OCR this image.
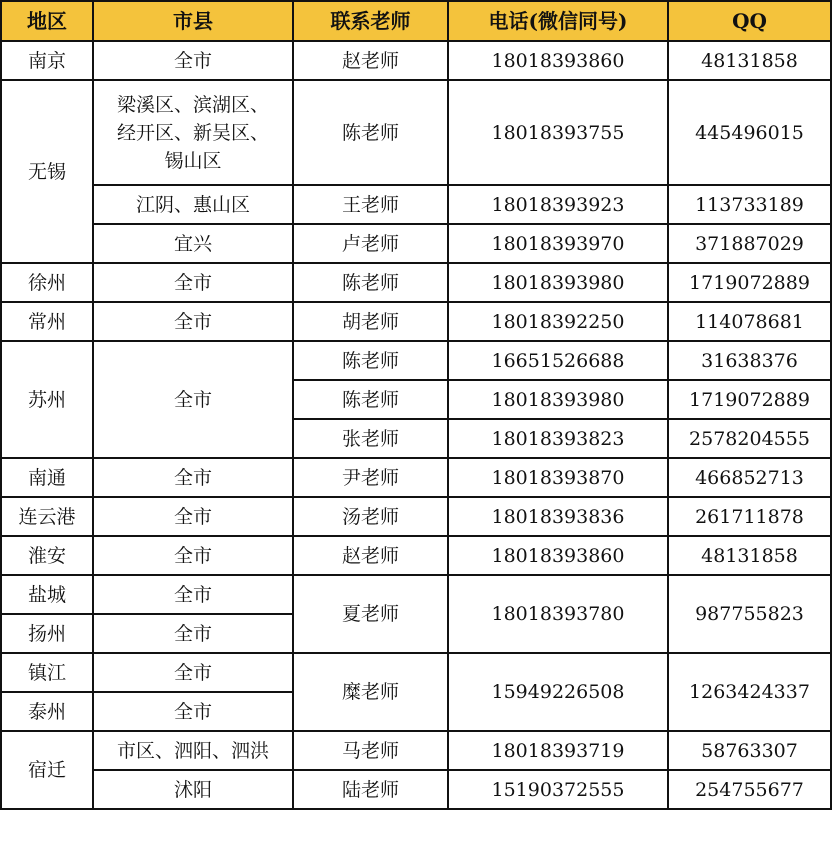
地区	市县	联系老师	电话(微信同号)	QQ
南京	全市	赵老师	18018393860	48131858
无锡	梁溪区、滨湖区、
经开区、新吴区、
锡山区	陈老师	18018393755	445496015
	江阴、惠山区	王老师	18018393923	113733189
	宜兴	卢老师	18018393970	371887029
徐州	全市	陈老师	18018393980	1719072889
常州	全市	胡老师	18018392250	114078681
苏州	全市	陈老师	16651526688	31638376
		陈老师	18018393980	1719072889
		张老师	18018393823	2578204555
南通	全市	尹老师	18018393870	466852713
连云港	全市	汤老师	18018393836	261711878
淮安	全市	赵老师	18018393860	48131858
盐城	全市	夏老师	18018393780	987755823
扬州	全市			
镇江	全市	糜老师	15949226508	1263424337
泰州	全市			
宿迁	市区、泗阳、泗洪	马老师	18018393719	58763307
	沭阳	陆老师	15190372555	254755677
